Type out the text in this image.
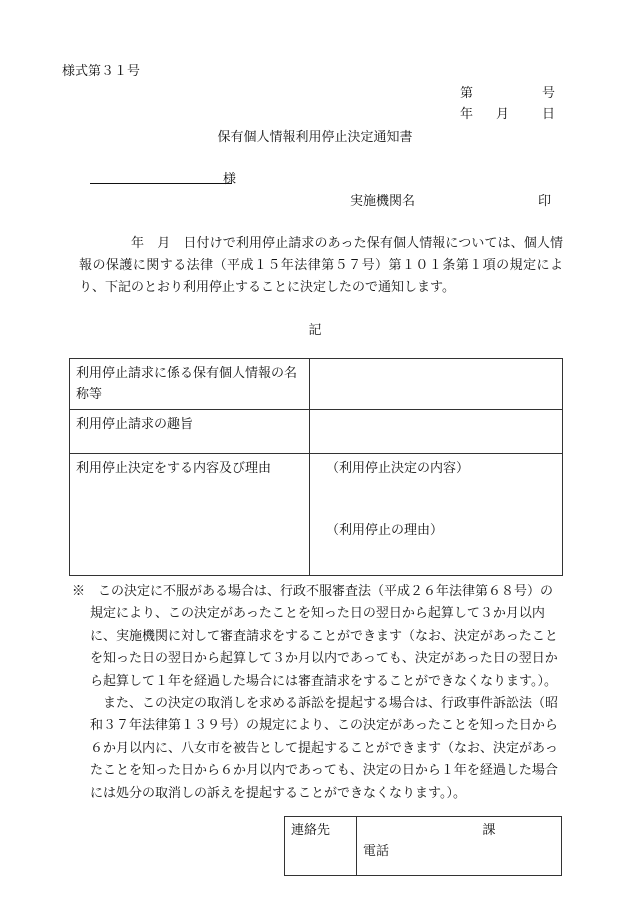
様式第３１号
第	号
年 月	日
保有個人情報利用停止決定通知書
様
実施機関名	印

年　月　日付けで利用停止請求のあった保有個人情報については、個人情報の保護に関する法律（平成１５年法律第５７号）第１０１条第１項の規定により、下記のとおり利用停止することに決定したので通知します。

記
利用停止請求に係る保有個人情報の名称等	
利用停止請求の趣旨	
利用停止決定をする内容及び理由	（利用停止決定の内容）
（利用停止の理由）

※　この決定に不服がある場合は、行政不服審査法（平成２６年法律第６８号）の規定により、この決定があったことを知った日の翌日から起算して３か月以内に、実施機関に対して審査請求をすることができます（なお、決定があったことを知った日の翌日から起算して３か月以内であっても、決定があった日の翌日から起算して１年を経過した場合には審査請求をすることができなくなります。）。

また、この決定の取消しを求める訴訟を提起する場合は、行政事件訴訟法（昭和３７年法律第１３９号）の規定により、この決定があったことを知った日から６か月以内に、八女市を被告として提起することができます（なお、決定があったことを知った日から６か月以内であっても、決定の日から１年を経過した場合には処分の取消しの訴えを提起することができなくなります。）。

連絡先	課
電話
